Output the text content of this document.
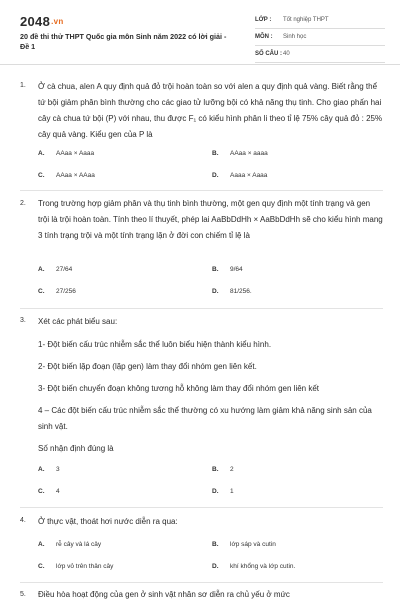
$2048^{.vn}$
20 đề thi thử THPT Quốc gia môn Sinh năm 2022 có lời giải - Đề 1
LỚP :	Tốt nghiệp THPT
MÔN :	Sinh học
SỐ CÂU : 40
1. Ở cà chua, alen A quy định quả đỏ trội hoàn toàn so với alen a quy định quả vàng. Biết rằng thể tứ bội giảm phân bình thường cho các giao tử lưỡng bội có khả năng thụ tinh. Cho giao phấn hai cây cà chua tứ bội (P) với nhau, thu được F₁ có kiểu hình phân li theo tỉ lệ 75% cây quả đỏ : 25% cây quả vàng. Kiểu gen của P là
A. AAaa × Aaaa	B. AAaa × aaaa
C. AAaa × AAaa	D. Aaaa × Aaaa
2. Trong trường hợp giảm phân và thụ tinh bình thường, một gen quy định một tính trạng và gen trội là trội hoàn toàn. Tính theo lí thuyết, phép lai AaBbDdHh × AaBbDdHh sẽ cho kiểu hình mang 3 tính trạng trội và một tính trạng lặn ở đời con chiếm tỉ lệ là
A. 27/64	B. 9/64
C. 27/256	D. 81/256.
3. Xét các phát biểu sau:
1- Đột biến cấu trúc nhiễm sắc thể luôn biểu hiện thành kiểu hình.
2- Đột biến lặp đoạn (lặp gen) làm thay đổi nhóm gen liên kết.
3- Đột biến chuyển đoạn không tương hỗ không làm thay đổi nhóm gen liên kết
4 – Các đột biến cấu trúc nhiễm sắc thể thường có xu hướng làm giảm khả năng sinh sản của sinh vật.
Số nhận định đúng là
A. 3	B. 2
C. 4	D. 1
4. Ở thực vật, thoát hơi nước diễn ra qua:
A. rễ cây và lá cây	B. lớp sáp và cutin
C. lớp vỏ trên thân cây	D. khí khổng và lớp cutin.
5. Điều hòa hoạt động của gen ở sinh vật nhân sơ diễn ra chủ yếu ở mức
